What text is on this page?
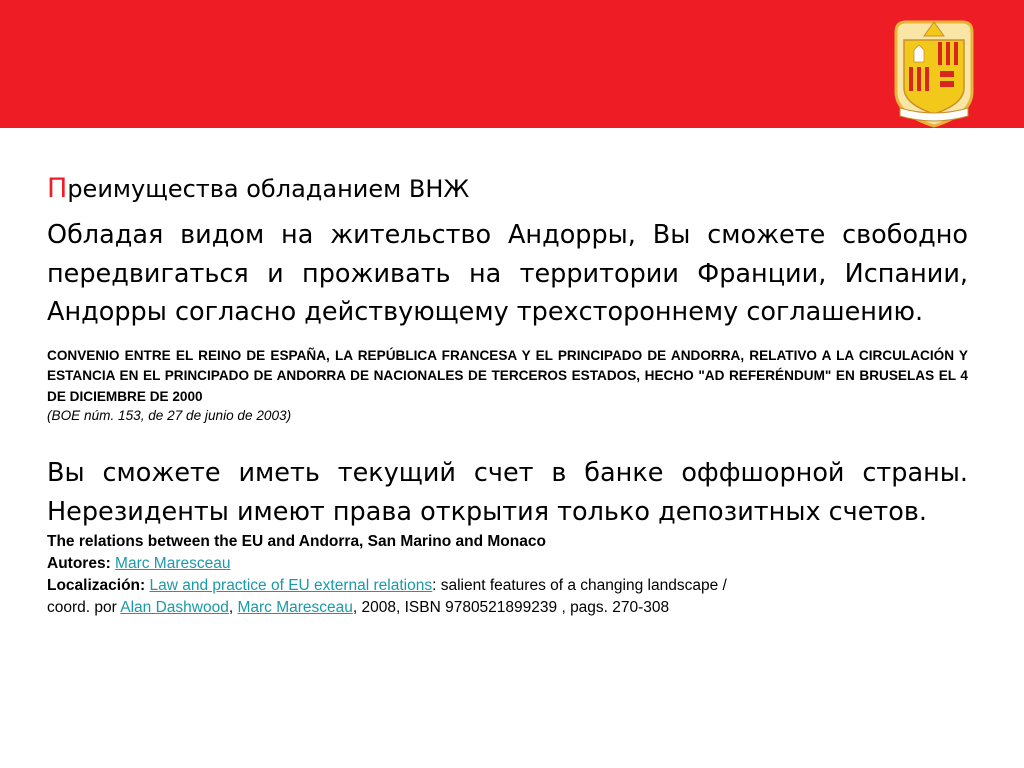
Преимущества обладанием ВНЖ

Обладая видом на жительство Андорры, Вы сможете свободно передвигаться и проживать на территории Франции, Испании, Андорры согласно действующему трехстороннему соглашению.

CONVENIO ENTRE EL REINO DE ESPAÑA, LA REPÚBLICA FRANCESA Y EL PRINCIPADO DE ANDORRA, RELATIVO A LA CIRCULACIÓN Y ESTANCIA EN EL PRINCIPADO DE ANDORRA DE NACIONALES DE TERCEROS ESTADOS, HECHO "AD REFERÉNDUM" EN BRUSELAS EL 4 DE DICIEMBRE DE 2000

(BOE núm. 153, de 27 de junio de 2003)

Вы сможете иметь текущий счет в банке оффшорной страны. Нерезиденты имеют права открытия только депозитных счетов.

The relations between the EU and Andorra, San Marino and Monaco

Autores: Marc Maresceau

Localización: Law and practice of EU external relations: salient features of a changing landscape /

coord. por Alan Dashwood, Marc Maresceau, 2008, ISBN 9780521899239 , pags. 270-308
